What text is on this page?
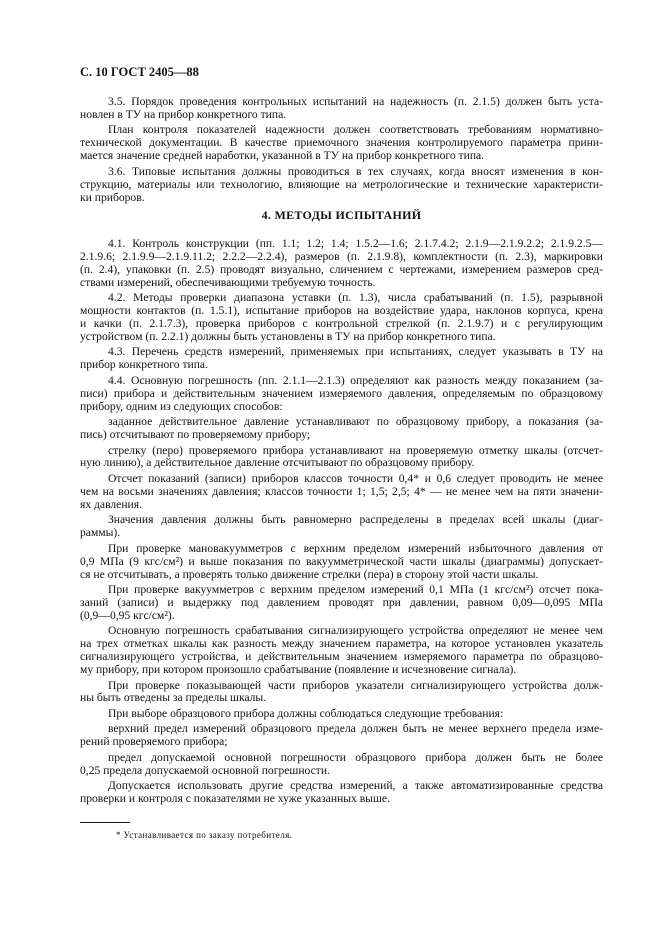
С. 10 ГОСТ 2405—88
3.5. Порядок проведения контрольных испытаний на надежность (п. 2.1.5) должен быть уста-
новлен в ТУ на прибор конкретного типа.
План контроля показателей надежности должен соответствовать требованиям нормативно-
технической документации. В качестве приемочного значения контролируемого параметра прини-
мается значение средней наработки, указанной в ТУ на прибор конкретного типа.
3.6. Типовые испытания должны проводиться в тех случаях, когда вносят изменения в кон-
струкцию, материалы или технологию, влияющие на метрологические и технические характеристи-
ки приборов.
4. МЕТОДЫ ИСПЫТАНИЙ
4.1. Контроль конструкции (пп. 1.1; 1.2; 1.4; 1.5.2—1.6; 2.1.7.4.2; 2.1.9—2.1.9.2.2; 2.1.9.2.5—
2.1.9.6; 2.1.9.9—2.1.9.11.2; 2.2.2—2.2.4), размеров (п. 2.1.9.8), комплектности (п. 2.3), маркировки
(п. 2.4), упаковки (п. 2.5) проводят визуально, сличением с чертежами, измерением размеров сред-
ствами измерений, обеспечивающими требуемую точность.
4.2. Методы проверки диапазона уставки (п. 1.3), числа срабатываний (п. 1.5), разрывной
мощности контактов (п. 1.5.1), испытание приборов на воздействие удара, наклонов корпуса, крена
и качки (п. 2.1.7.3), проверка приборов с контрольной стрелкой (п. 2.1.9.7) и с регулирующим
устройством (п. 2.2.1) должны быть установлены в ТУ на прибор конкретного типа.
4.3. Перечень средств измерений, применяемых при испытаниях, следует указывать в ТУ на
прибор конкретного типа.
4.4. Основную погрешность (пп. 2.1.1—2.1.3) определяют как разность между показанием (за-
писи) прибора и действительным значением измеряемого давления, определяемым по образцовому
прибору, одним из следующих способов:
заданное действительное давление устанавливают по образцовому прибору, а показания (за-
пись) отсчитывают по проверяемому прибору;
стрелку (перо) проверяемого прибора устанавливают на проверяемую отметку шкалы (отсчет-
ную линию), а действительное давление отсчитывают по образцовому прибору.
Отсчет показаний (записи) приборов классов точности 0,4* и 0,6 следует проводить не менее
чем на восьми значениях давления; классов точности 1; 1,5; 2,5; 4* — не менее чем на пяти значени-
ях давления.
Значения давления должны быть равномерно распределены в пределах всей шкалы (диаг-
раммы).
При проверке мановакуумметров с верхним пределом измерений избыточного давления от
0,9 МПа (9 кгс/см²) и выше показания по вакуумметрической части шкалы (диаграммы) допускает-
ся не отсчитывать, а проверять только движение стрелки (пера) в сторону этой части шкалы.
При проверке вакуумметров с верхним пределом измерений 0,1 МПа (1 кгс/см²) отсчет пока-
заний (записи) и выдержку под давлением проводят при давлении, равном 0,09—0,095 МПа
(0,9—0,95 кгс/см²).
Основную погрешность срабатывания сигнализирующего устройства определяют не менее чем
на трех отметках шкалы как разность между значением параметра, на которое установлен указатель
сигнализирующего устройства, и действительным значением измеряемого параметра по образцово-
му прибору, при котором произошло срабатывание (появление и исчезновение сигнала).
При проверке показывающей части приборов указатели сигнализирующего устройства долж-
ны быть отведены за пределы шкалы.
При выборе образцового прибора должны соблюдаться следующие требования:
верхний предел измерений образцового предела должен быть не менее верхнего предела изме-
рений проверяемого прибора;
предел допускаемой основной погрешности образцового прибора должен быть не более
0,25 предела допускаемой основной погрешности.
Допускается использовать другие средства измерений, а также автоматизированные средства
проверки и контроля с показателями не хуже указанных выше.
* Устанавливается по заказу потребителя.
